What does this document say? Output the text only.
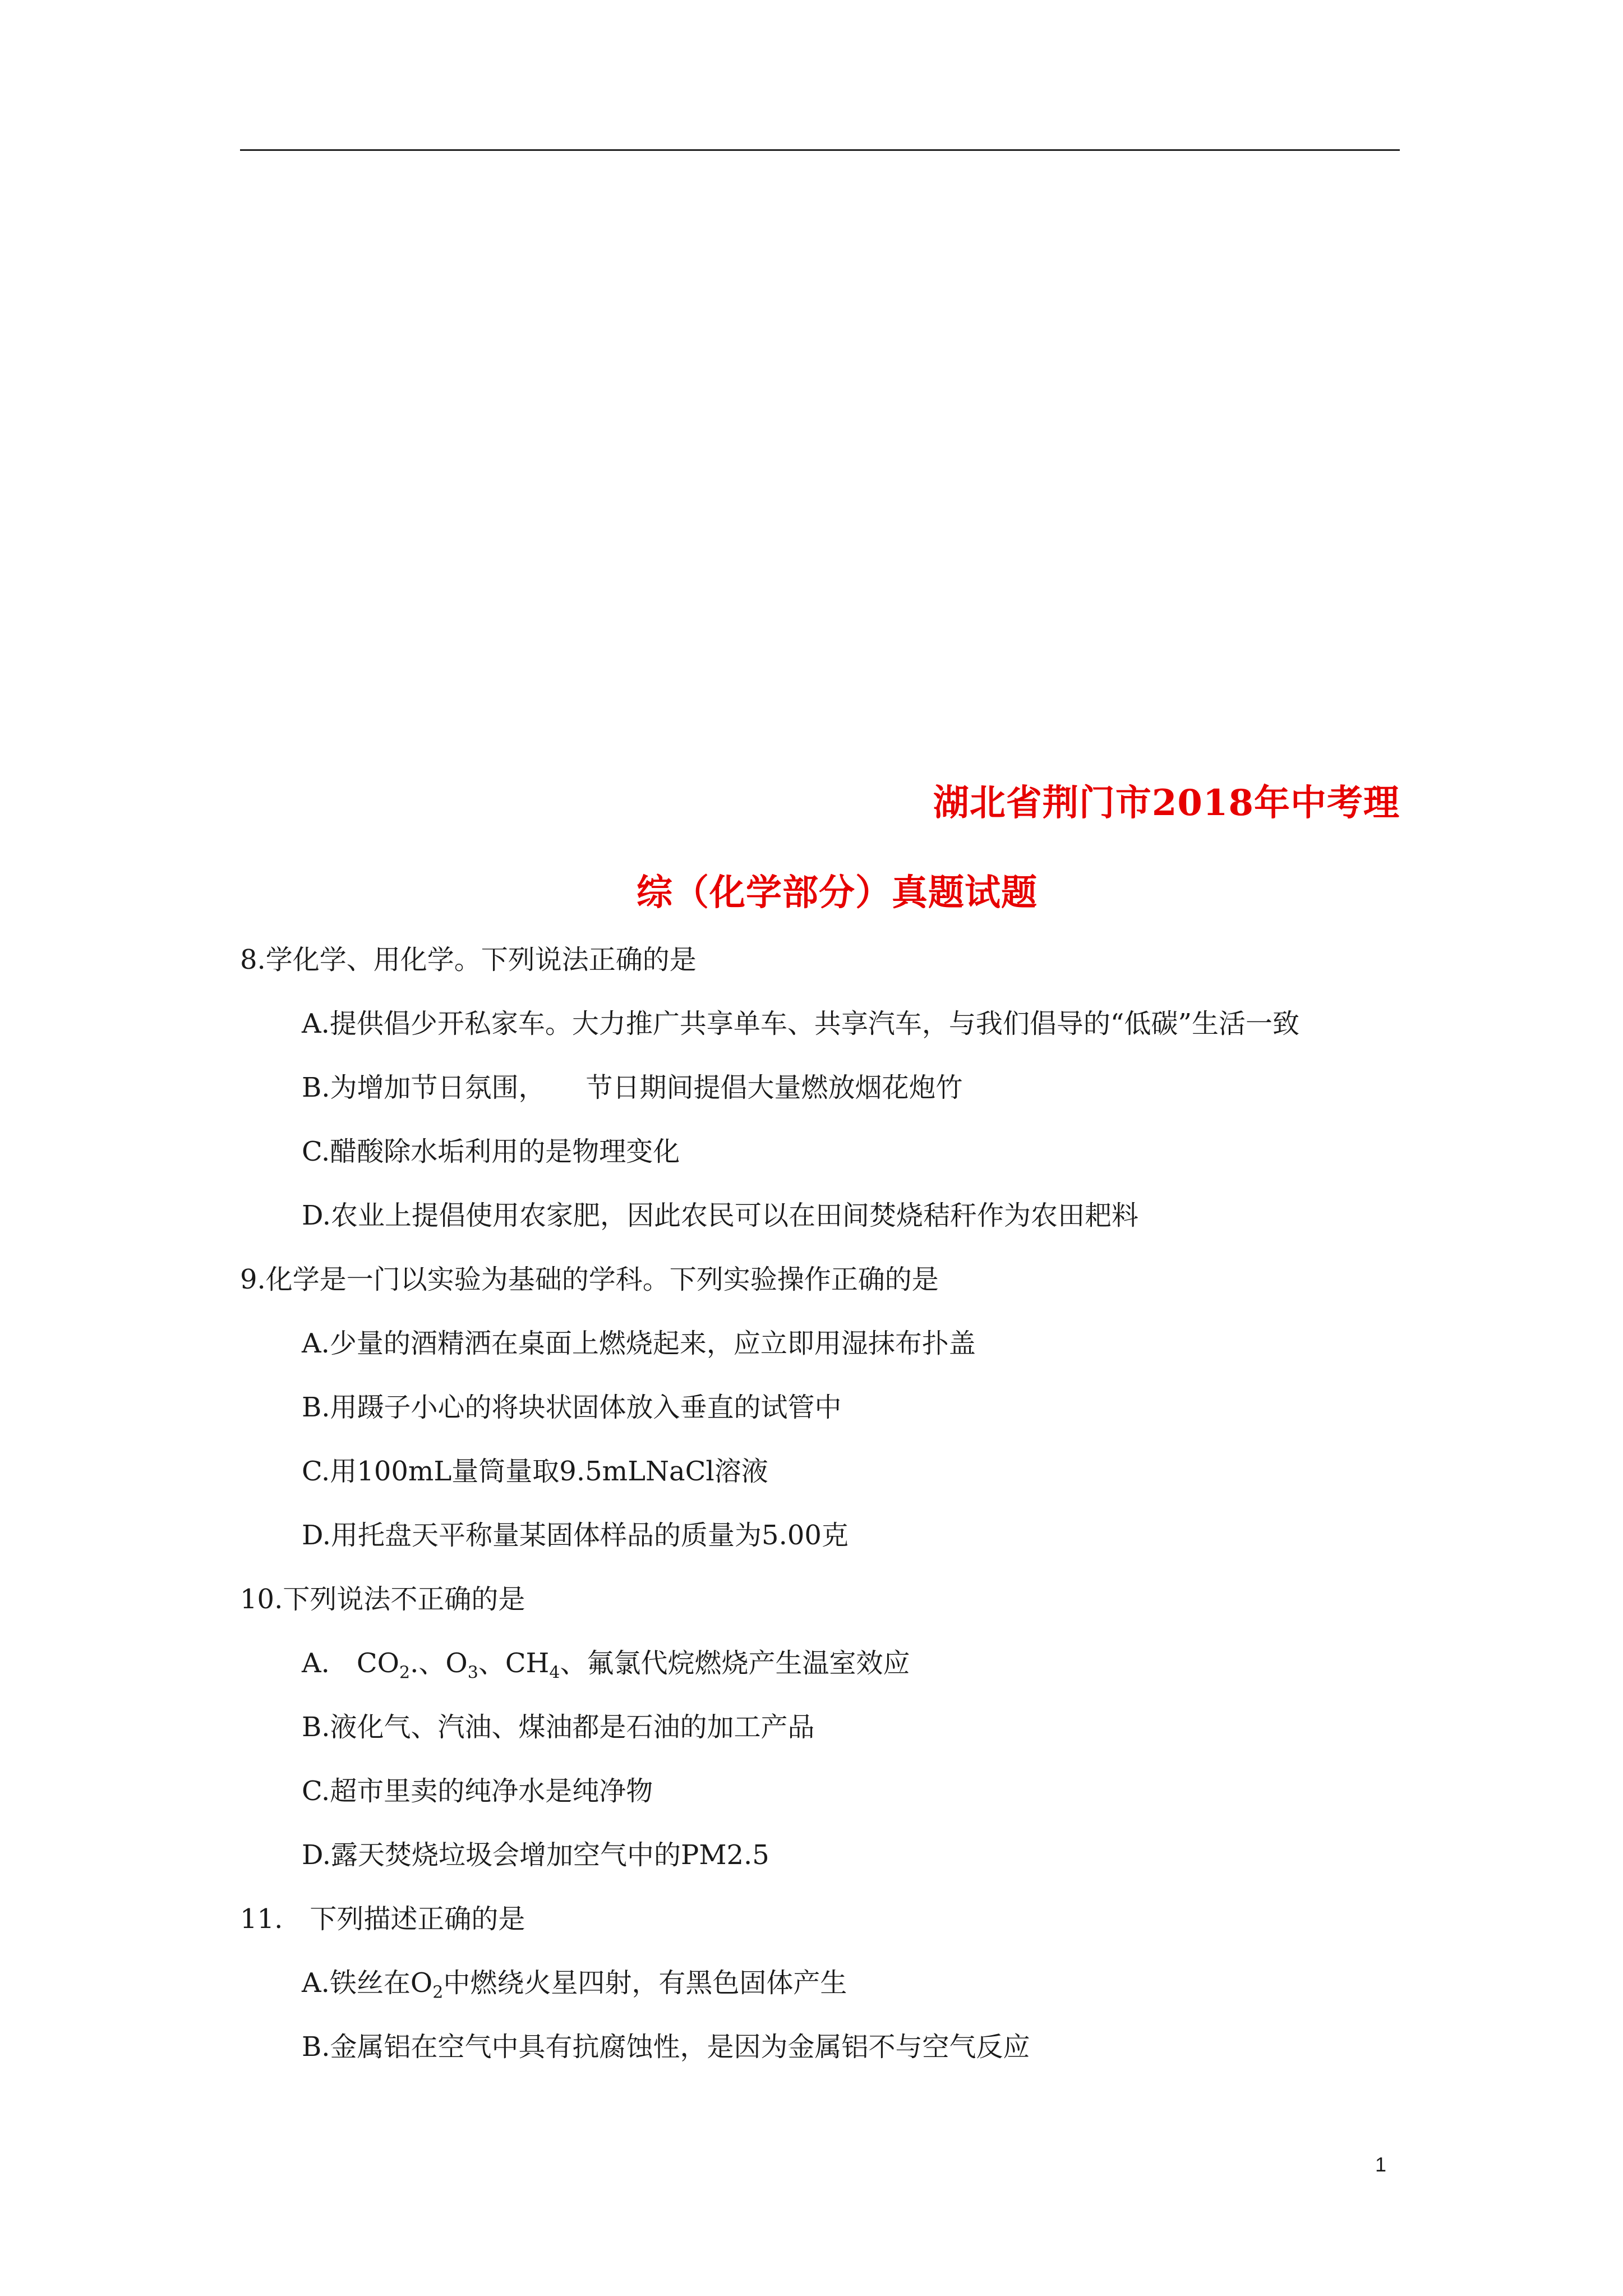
湖北省荆门市2018年中考理
综（化学部分）真题试题
8.学化学、用化学。下列说法正确的是
A.提供倡少开私家车。大力推广共享单车、共享汽车，与我们倡导的“低碳”生活一致
B.为增加节日氛围，　　节日期间提倡大量燃放烟花炮竹
C.醋酸除水垢利用的是物理变化
D.农业上提倡使用农家肥，因此农民可以在田间焚烧秸秆作为农田耙料
9.化学是一门以实验为基础的学科。下列实验操作正确的是
A.少量的酒精洒在桌面上燃烧起来，应立即用湿抹布扑盖
B.用蹑子小心的将块状固体放入垂直的试管中
C.用100mL量筒量取9.5mLNaCl溶液
D.用托盘天平称量某固体样品的质量为5.00克
10.下列说法不正确的是
A.　$CO_2$.、$O_3$、$CH_4$、氟氯代烷燃烧产生温室效应
B.液化气、汽油、煤油都是石油的加工产品
C.超市里卖的纯净水是纯净物
D.露天焚烧垃圾会增加空气中的PM2.5
11.　下列描述正确的是
A.铁丝在$O_2$中燃绕火星四射，有黑色固体产生
B.金属铝在空气中具有抗腐蚀性，是因为金属铝不与空气反应
1
